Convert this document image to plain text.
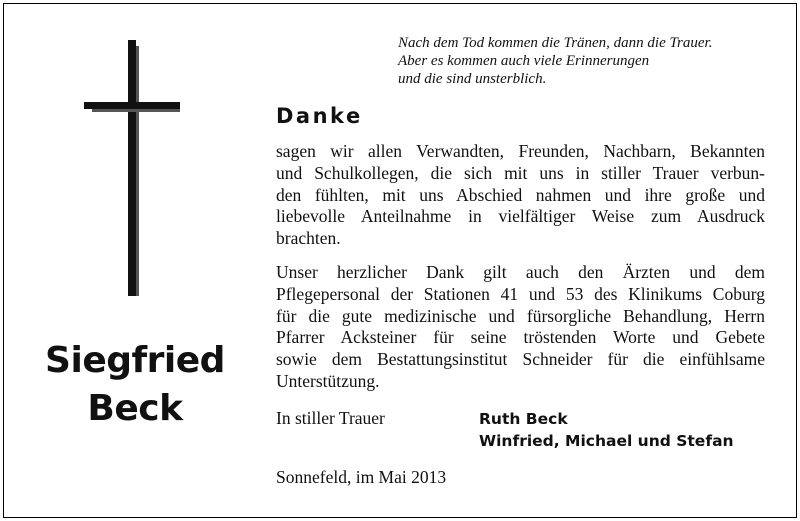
Nach dem Tod kommen die Tränen, dann die Trauer.
Aber es kommen auch viele Erinnerungen
und die sind unsterblich.
Danke
sagen wir allen Verwandten, Freunden, Nachbarn, Bekannten
und Schulkollegen, die sich mit uns in stiller Trauer verbun-
den fühlten, mit uns Abschied nahmen und ihre große und
liebevolle Anteilnahme in vielfältiger Weise zum Ausdruck
brachten.
Unser herzlicher Dank gilt auch den Ärzten und dem
Pflegepersonal der Stationen 41 und 53 des Klinikums Coburg
für die gute medizinische und fürsorgliche Behandlung, Herrn
Pfarrer Acksteiner für seine tröstenden Worte und Gebete
sowie dem Bestattungsinstitut Schneider für die einfühlsame
Unterstützung.
Siegfried
Beck	In stiller Trauer	Ruth Beck
Winfried, Michael und Stefan
Sonnefeld, im Mai 2013
